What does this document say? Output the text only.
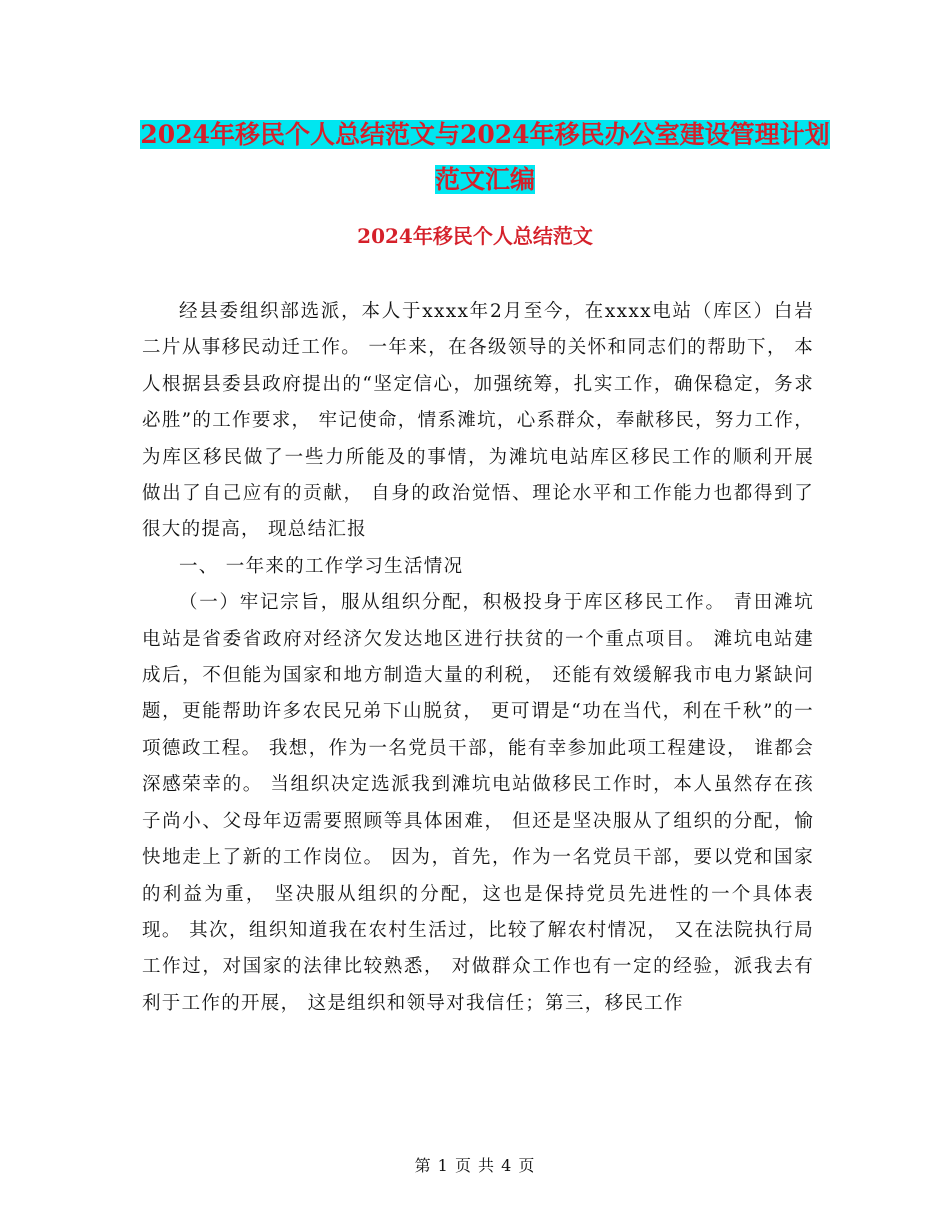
2024年移民个人总结范文与2024年移民办公室建设管理计划范文汇编
2024年移民个人总结范文

经县委组织部选派，本人于xxxx年2月至今，在xxxx电站（库区）白岩二片从事移民动迁工作。 一年来，在各级领导的关怀和同志们的帮助下， 本人根据县委县政府提出的“坚定信心，加强统筹，扎实工作，确保稳定，务求必胜”的工作要求， 牢记使命，情系滩坑，心系群众，奉献移民，努力工作， 为库区移民做了一些力所能及的事情，为滩坑电站库区移民工作的顺利开展做出了自己应有的贡献， 自身的政治觉悟、理论水平和工作能力也都得到了很大的提高， 现总结汇报

一、 一年来的工作学习生活情况

（一）牢记宗旨，服从组织分配，积极投身于库区移民工作。 青田滩坑电站是省委省政府对经济欠发达地区进行扶贫的一个重点项目。 滩坑电站建成后，不但能为国家和地方制造大量的利税， 还能有效缓解我市电力紧缺问题，更能帮助许多农民兄弟下山脱贫， 更可谓是“功在当代，利在千秋”的一项德政工程。 我想，作为一名党员干部，能有幸参加此项工程建设， 谁都会深感荣幸的。 当组织决定选派我到滩坑电站做移民工作时，本人虽然存在孩子尚小、父母年迈需要照顾等具体困难， 但还是坚决服从了组织的分配，愉快地走上了新的工作岗位。 因为，首先，作为一名党员干部，要以党和国家的利益为重， 坚决服从组织的分配，这也是保持党员先进性的一个具体表现。 其次，组织知道我在农村生活过，比较了解农村情况， 又在法院执行局工作过，对国家的法律比较熟悉， 对做群众工作也有一定的经验，派我去有利于工作的开展， 这是组织和领导对我信任；第三，移民工作

第 1 页 共 4 页
